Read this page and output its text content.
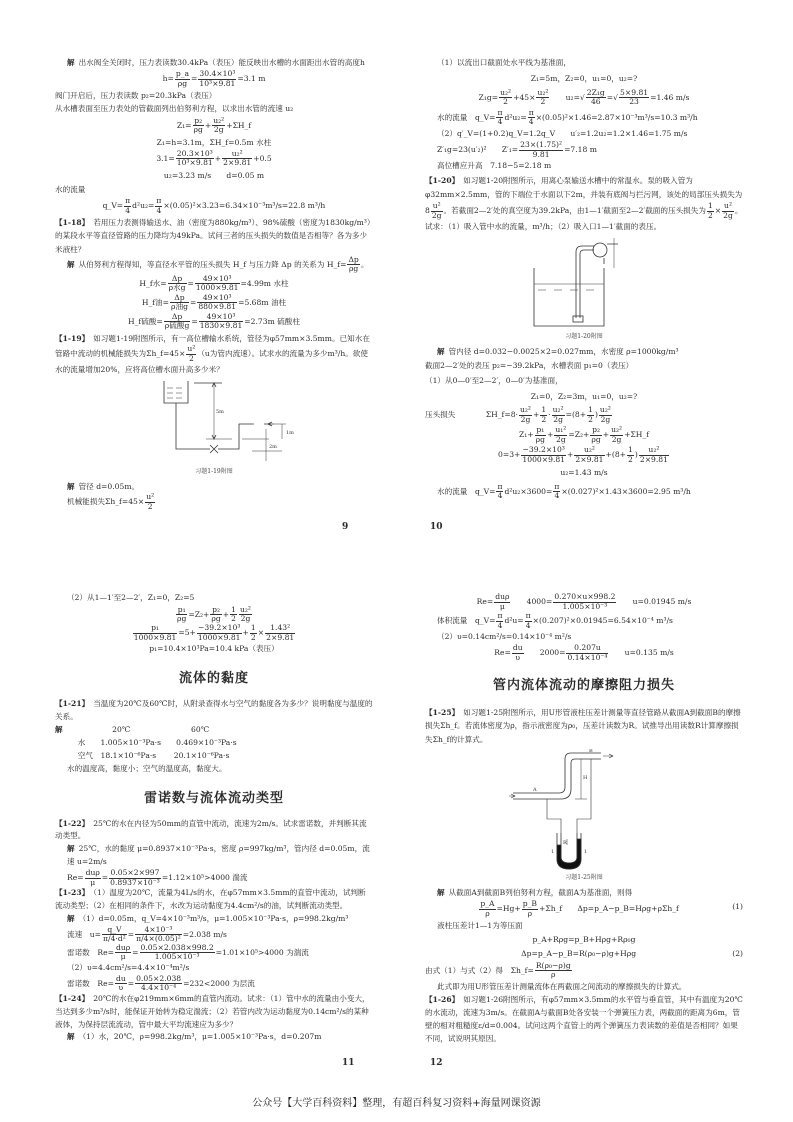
解 出水阀全关闭时，压力表读数30.4kPa（表压）能反映出水槽的水面距出水管的高度h
$h= \frac{p\_a}{\rho g} = \frac{\text{30.4×10³}}{\text{10³×9.81}} =3.1$ m
阀门开启后，压力表读数 p₂=20.3kPa（表压）
从水槽表面至压力表处的管截面列出伯努利方程，以求出水管的流速 u₂
$Z_1= \frac{\text{p₂}}{\rho g} + \frac{\text{u₂²}}{2g}$ +ΣH_f
Z₁=h=3.1m，ΣH_f=0.5m 水柱
$3.1= \frac{\text{20.3×10³}}{\text{10³×9.81}} + \frac{\text{u₂²}}{2\times 9.81} +0.5$
u₂=3.23 m/s　　d=0.05 m
水的流量
q_V= $\frac{\pi}{4} d^2u_2= \frac{\pi}{4} \times(0.05)^2\times 3.23=6.34\times 10^{-3}m^3/s=22.8$ m³/h
【1-18】 若用压力表测得输送水、油（密度为880kg/m³）、98%硫酸（密度为1830kg/m³）的某段水平等直径管路的压力降均为49kPa。试问三者的压头损失的数值是否相等？各为多少米液柱？
解 从伯努利方程得知，等直径水平管的压头损失 H_f 与压力降 Δp 的关系为 H_f= $\frac{\Delta p}{\rho g}$ 。
H_f水= $\frac{\Delta p}{\text{ρ水g}} = \frac{\text{49×10³}}{1000\times 9.81} =4.99m$ 水柱
H_f油= $\frac{\Delta p}{\text{ρ油g}} = \frac{\text{49×10³}}{880\times 9.81} =5.68m$ 油柱
H_f硫酸= $\frac{\Delta p}{\text{ρ硫酸g}} = \frac{\text{49×10³}}{1830\times 9.81} =2.73m$ 硫酸柱
【1-19】 如习题1-19附图所示，有一高位槽输水系统，管径为φ57mm×3.5mm。已知水在管路中流动的机械能损失为Σh_f=45× $\frac{\text{u²}}{2} (u$为管内流速）。试求水的流量为多少m³/h。欲使水的流量增加20%，应将高位槽水面升高多少米？
5m
1m
2m
习题1-19附图
解 管径 d=0.05m。
机械能损失Σh_f=45× $\frac{\text{u²}}{2}$
（1）以流出口截面处水平线为基准面，
Z₁=5m，Z₂=0，u₁=0，u₂=?
$Z_1g= \frac{\text{u₂²}}{2} +45\times \frac{\text{u₂²}}{2}$ 　　$u_2=√ \frac{\text{2Z₁g}}{46}$ =√ $\frac{5\times 9.81}{23} =1.46$ m/s
水的流量　q_V= $\frac{\pi}{4} d^2u_2= \frac{\pi}{4} \times(0.05)^2\times 1.46=2.87\times 10^{-3}m^3/s=10.3$ m³/h
（2）q′_V=(1+0.2)q_V=1.2q_V　　u′₂=1.2u₂=1.2×1.46=1.75 m/s
Z′₁g=23(u′₂)²　　$Z'_1= \frac{\text{23×(1.75)²}}{9.81} =7.18$ m
高位槽应升高　7.18−5=2.18 m
【1-20】 如习题1-20附图所示，用离心泵输送水槽中的常温水。泵的吸入管为φ32mm×2.5mm，管的下端位于水面以下2m，并装有底阀与拦污网，该处的局部压头损失为$8 \frac{\text{u²}}{2g}$ 。若截面2—2′处的真空度为39.2kPa，由1—1′截面至2—2′截面的压头损失为 $\frac{1}{2} \times \frac{\text{u²}}{2g}$ 。试求：（1）吸入管中水的流量，m³/h；（2）吸入口1—1′截面的表压。
习题1-20附图
解 管内径 d=0.032−0.0025×2=0.027mm，水密度 ρ=1000kg/m³
截面2—2′处的表压 p₂=−39.2kPa，水槽表面 p₁=0（表压）
（1）从0—0′至2—2′，0—0′为基准面，
Z₁=0，Z₂=3m，u₁=0，u₂=?
压头损失　　　　ΣH_f=8· $\frac{\text{u₂²}}{2g} + \frac{1}{2} \cdot \frac{\text{u₂²}}{2g} =(8+ \frac{1}{2}$ ) $\frac{\text{u₂²}}{2g}$
$Z_1+ \frac{\text{p₁}}{\rho g} + \frac{\text{u₁²}}{2g} =Z_2+ \frac{\text{p₂}}{\rho g} + \frac{\text{u₂²}}{2g}$ +ΣH_f
$0=3+ \frac{\text{−39.2×10³}}{1000\times 9.81} + \frac{\text{u₂²}}{2\times 9.81} +(8+ \frac{1}{2}$ ) $\frac{\text{u₂²}}{2\times 9.81}$
u₂=1.43 m/s
水的流量　q_V= $\frac{\pi}{4} d^2u_2\times 3600= \frac{\pi}{4} \times(0.027)^2\times 1.43\times 3600=2.95$ m³/h
（2）从1—1′至2—2′，Z₁=0，Z₂=5
$\frac{\text{p₁}}{\rho g} =Z_2+ \frac{\text{p₂}}{\rho g} + \frac{1}{2} \frac{\text{u₂²}}{2g}$
$\frac{\text{p₁}}{1000\times 9.81} =5+ \frac{\text{−39.2×10³}}{1000\times 9.81} + \frac{1}{2} \times \frac{\text{1.43²}}{2\times 9.81}$
p₁=10.4×10³Pa=10.4 kPa（表压）
流体的黏度
【1-21】 当温度为20℃及60℃时，从附录查得水与空气的黏度各为多少？说明黏度与温度的关系。
解　　　　　　20℃　　　　　　　　60℃
　　　水　　1.005×10⁻³Pa·s　　0.469×10⁻³Pa·s
　　　空气　18.1×10⁻⁶Pa·s　　 20.1×10⁻⁶Pa·s
水的温度高，黏度小；空气的温度高，黏度大。
雷诺数与流体流动类型
【1-22】 25℃的水在内径为50mm的直管中流动，流速为2m/s。试求雷诺数，并判断其流动类型。
解 25℃，水的黏度 μ=0.8937×10⁻³Pa·s，密度 ρ=997kg/m³，管内径 d=0.05m，流速 u=2m/s
$Re= \frac{\text{duρ}}{\mu} = \frac{0.05\times 2\times 997}{\text{0.8937×10⁻³}} =1.12\times 10^5>4000$ 湍流
【1-23】 （1）温度为20℃，流量为4L/s的水，在φ57mm×3.5mm的直管中流动，试判断流动类型；（2）在相同的条件下，水改为运动黏度为4.4cm²/s的油，试判断流动类型。
解 （1）d=0.05m，q_V=4×10⁻³m³/s，μ=1.005×10⁻³Pa·s，ρ=998.2kg/m³
流速　$u= \frac{q\_V}{\text{π/4·d²}} = \frac{\text{4×10⁻³}}{\text{π/4×(0.05)²}} =2.038$ m/s
雷诺数　$Re= \frac{\text{duρ}}{\mu} = \frac{0.05\times 2.038\times 998.2}{\text{1.005×10⁻³}} =1.01\times 10^5>4000$ 为湍流
（2）υ=4.4cm²/s=4.4×10⁻⁴m²/s
雷诺数　$Re= \frac{du}{\upsilon} = \frac{0.05\times 2.038}{\text{4.4×10⁻⁴}} =232<2000$ 为层流
【1-24】 20℃的水在φ219mm×6mm的直管内流动。试求：（1）管中水的流量由小变大，当达到多少m³/s时，能保证开始转为稳定湍流；（2）若管内改为运动黏度为0.14cm²/s的某种液体，为保持层流流动，管中最大平均流速应为多少？
解 （1）水，20℃，ρ=998.2kg/m³，μ=1.005×10⁻³Pa·s，d=0.207m
$Re= \frac{\text{duρ}}{\mu}$ 　　$4000= \frac{0.270\times u\times 998.2}{\text{1.005×10⁻³}}$ 　　u=0.01945 m/s
体积流量　q_V= $\frac{\pi}{4} d^2u= \frac{\pi}{4} \times(0.207)^2\times 0.01945=6.54\times 10^{-4}$ m³/s
（2）υ=0.14cm²/s=0.14×10⁻⁴ m²/s
$Re= \frac{du}{\upsilon}$ 　　$2000= \frac{0.207u}{\text{0.14×10⁻⁴}}$ 　　u=0.135 m/s
管内流体流动的摩擦阻力损失
【1-25】 如习题1-25附图所示，用U形管液柱压差计测量等直径管路从截面A到截面B的摩擦损失Σh_f。若流体密度为ρ，指示液密度为ρ₀，压差计读数为R。试推导出用读数R计算摩擦损失Σh_f的计算式。
A
B
H
R
1	1
习题1-25附图
解 从截面A到截面B列伯努利方程，截面A为基准面，则得
(1)
$\frac{p\_A}{\rho} =Hg+ \frac{p\_B}{\rho}$ +Σh_f　　Δp=p_A−p_B=Hρg+ρΣh_f
液柱压差计1—1为等压面
p_A+Rρg=p_B+Hρg+Rρ₀g
(2)
Δp=p_A−p_B=R(ρ₀−ρ)g+Hρg
由式（1）与式（2）得　Σh_f= $\frac{\text{R(ρ₀−ρ)g}}{\rho}$
此式即为用U形管压差计测量流体在两截面之间流动的摩擦损失的计算式。
【1-26】 如习题1-26附图所示，有φ57mm×3.5mm的水平管与垂直管，其中有温度为20℃的水流动，流速为3m/s。在截面A与截面B处各安装一个弹簧压力表，两截面的距离为6m，管壁的相对粗糙度ε/d=0.004。试问这两个直管上的两个弹簧压力表读数的差值是否相同？如果不同，试说明其原因。
9	10
11	12
公众号【大学百科资料】整理，有超百科复习资料+海量网课资源
